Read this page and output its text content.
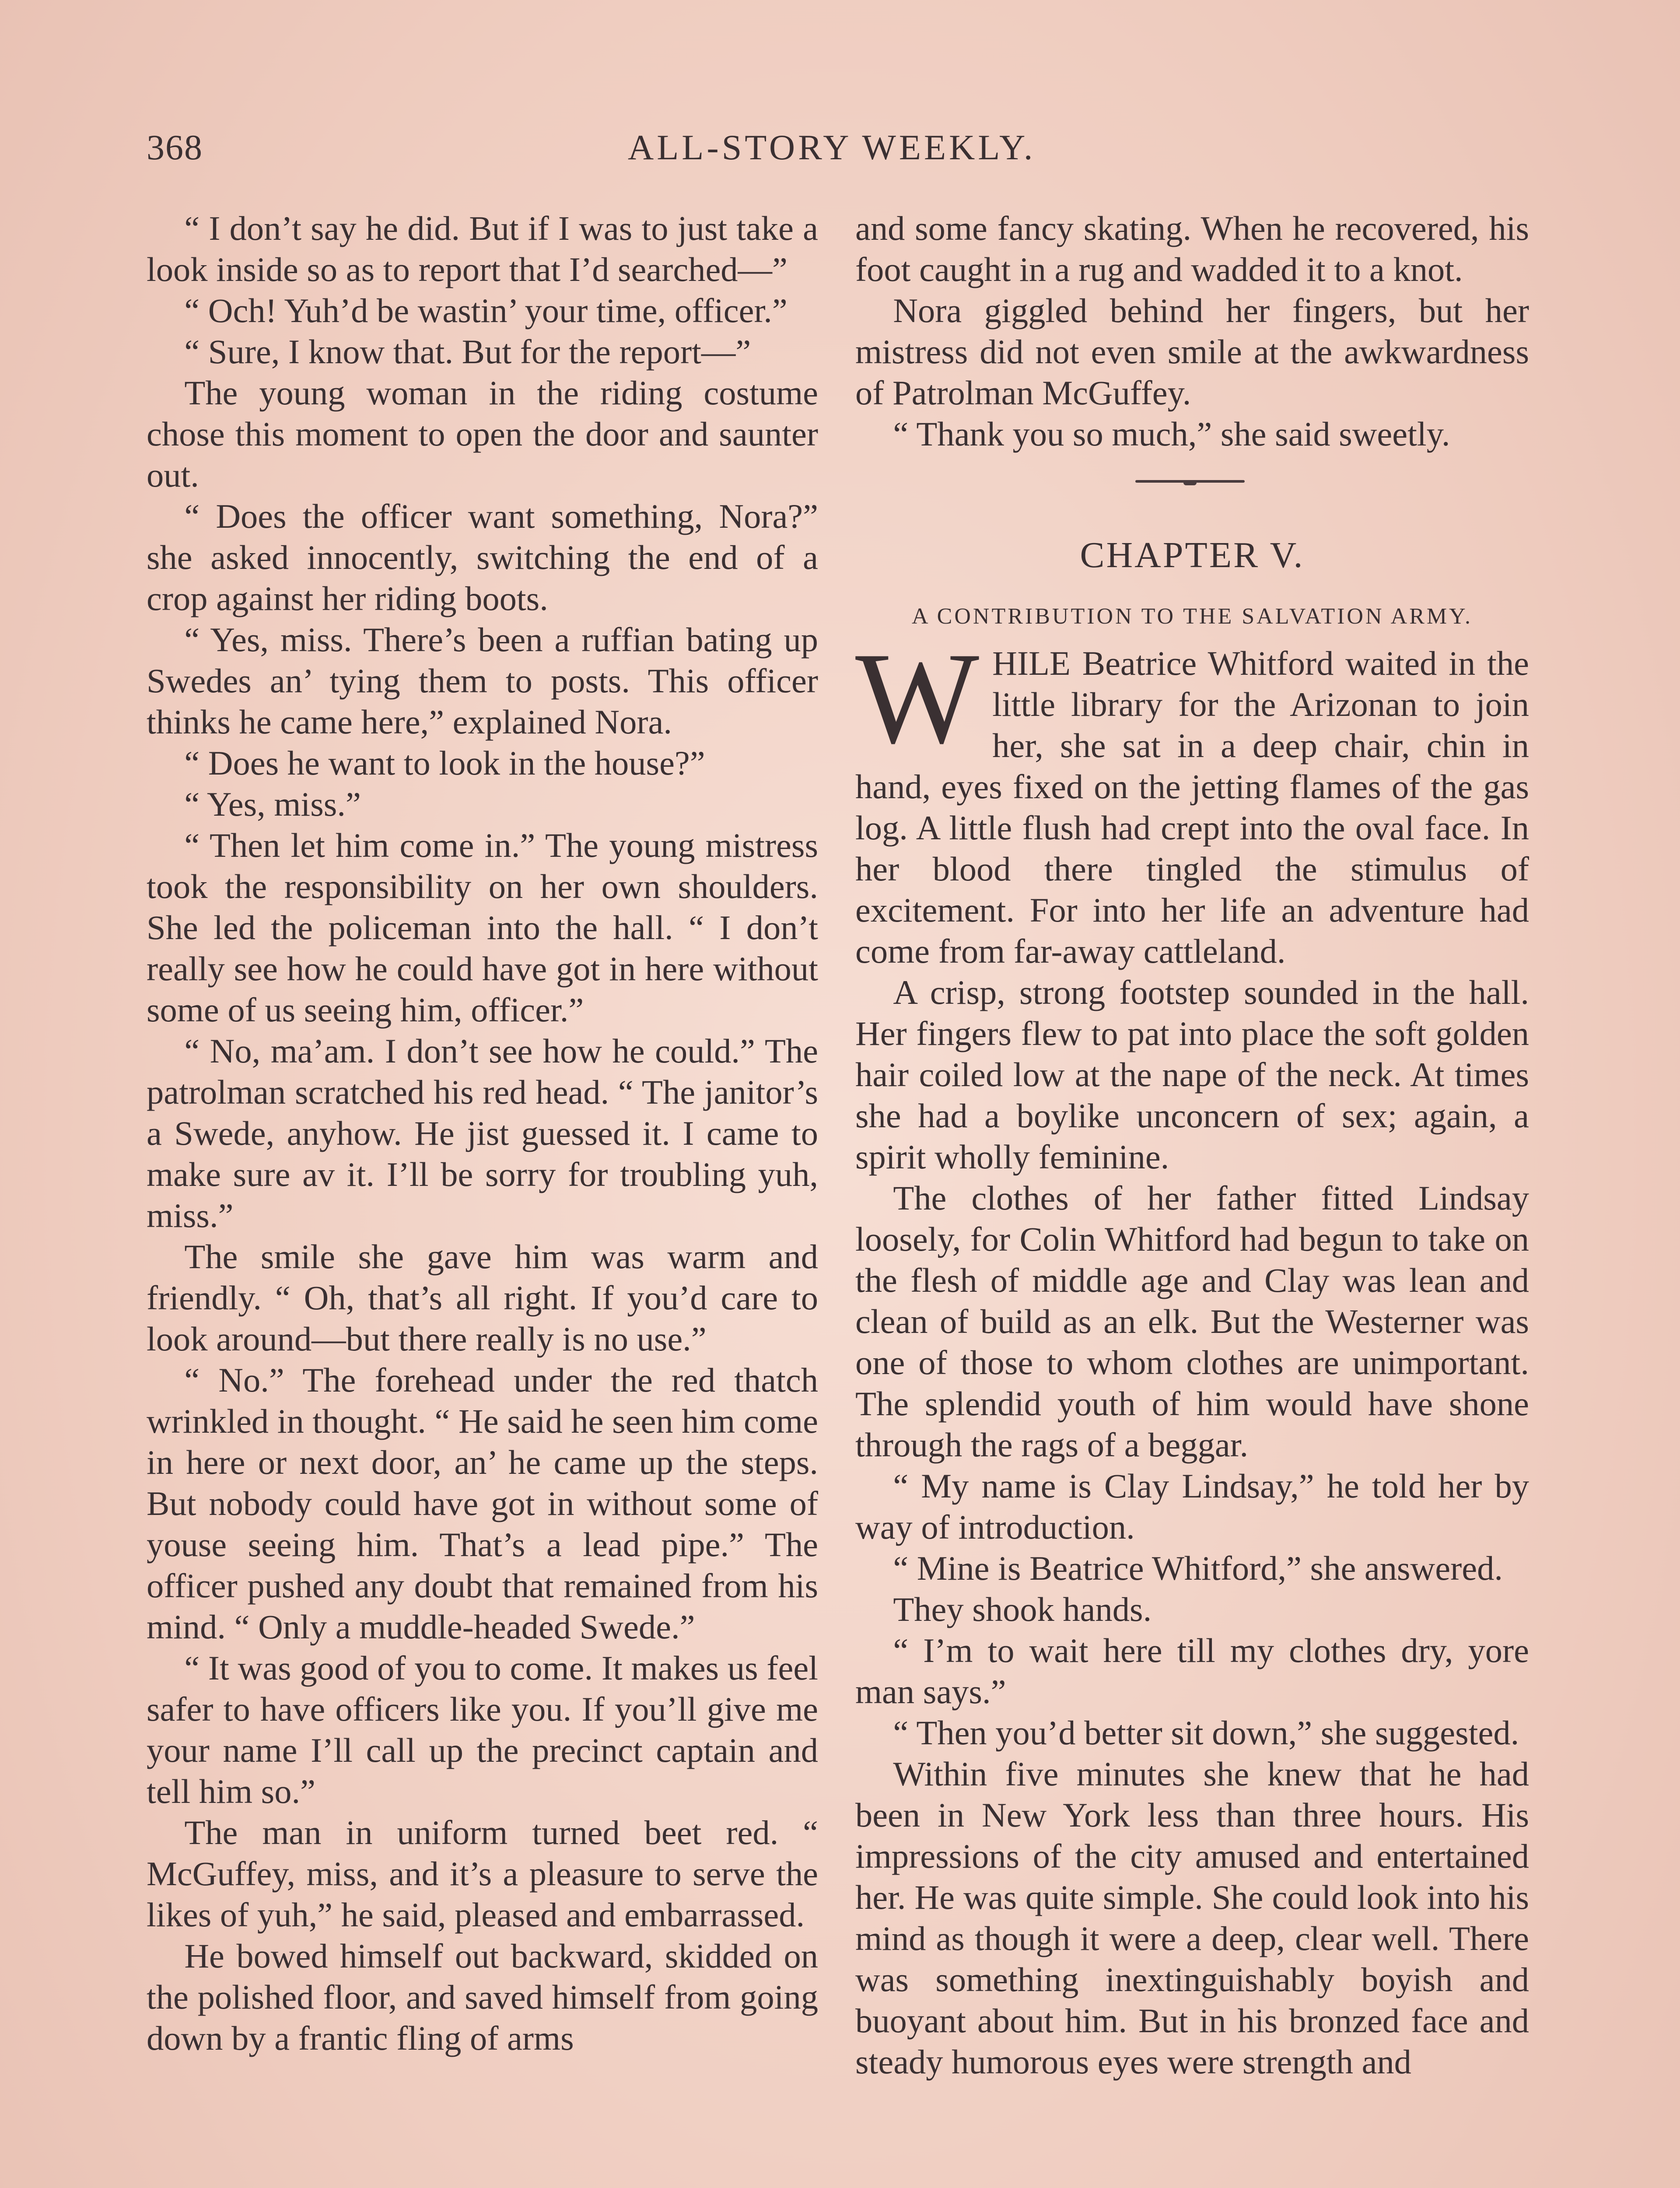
368	ALL-STORY WEEKLY.

“ I don’t say he did. But if I was to just take a look inside so as to report that I’d searched—”

“ Och! Yuh’d be wastin’ your time, officer.”

“ Sure, I know that. But for the report—”

The young woman in the riding costume chose this moment to open the door and saunter out.

“ Does the officer want something, Nora?” she asked innocently, switching the end of a crop against her riding boots.

“ Yes, miss. There’s been a ruffian bating up Swedes an’ tying them to posts. This officer thinks he came here,” explained Nora.

“ Does he want to look in the house?”

“ Yes, miss.”

“ Then let him come in.” The young mistress took the responsibility on her own shoulders. She led the policeman into the hall. “ I don’t really see how he could have got in here without some of us seeing him, officer.”

“ No, ma’am. I don’t see how he could.” The patrolman scratched his red head. “ The janitor’s a Swede, anyhow. He jist guessed it. I came to make sure av it. I’ll be sorry for troubling yuh, miss.”

The smile she gave him was warm and friendly. “ Oh, that’s all right. If you’d care to look around—but there really is no use.”

“ No.” The forehead under the red thatch wrinkled in thought. “ He said he seen him come in here or next door, an’ he came up the steps. But nobody could have got in without some of youse seeing him. That’s a lead pipe.” The officer pushed any doubt that remained from his mind. “ Only a muddle-headed Swede.”

“ It was good of you to come. It makes us feel safer to have officers like you. If you’ll give me your name I’ll call up the precinct captain and tell him so.”

The man in uniform turned beet red. “ McGuffey, miss, and it’s a pleasure to serve the likes of yuh,” he said, pleased and embarrassed.

He bowed himself out backward, skidded on the polished floor, and saved himself from going down by a frantic fling of arms

and some fancy skating. When he recovered, his foot caught in a rug and wadded it to a knot.

Nora giggled behind her fingers, but her mistress did not even smile at the awkwardness of Patrolman McGuffey.

“ Thank you so much,” she said sweetly.

CHAPTER V.
A CONTRIBUTION TO THE SALVATION ARMY.

WHILE Beatrice Whitford waited in the little library for the Arizonan to join her, she sat in a deep chair, chin in hand, eyes fixed on the jetting flames of the gas log. A little flush had crept into the oval face. In her blood there tingled the stimulus of excitement. For into her life an adventure had come from far-away cattleland.

A crisp, strong footstep sounded in the hall. Her fingers flew to pat into place the soft golden hair coiled low at the nape of the neck. At times she had a boylike unconcern of sex; again, a spirit wholly feminine.

The clothes of her father fitted Lindsay loosely, for Colin Whitford had begun to take on the flesh of middle age and Clay was lean and clean of build as an elk. But the Westerner was one of those to whom clothes are unimportant. The splendid youth of him would have shone through the rags of a beggar.

“ My name is Clay Lindsay,” he told her by way of introduction.

“ Mine is Beatrice Whitford,” she answered.

They shook hands.

“ I’m to wait here till my clothes dry, yore man says.”

“ Then you’d better sit down,” she suggested.

Within five minutes she knew that he had been in New York less than three hours. His impressions of the city amused and entertained her. He was quite simple. She could look into his mind as though it were a deep, clear well. There was something inextinguishably boyish and buoyant about him. But in his bronzed face and steady humorous eyes were strength and
